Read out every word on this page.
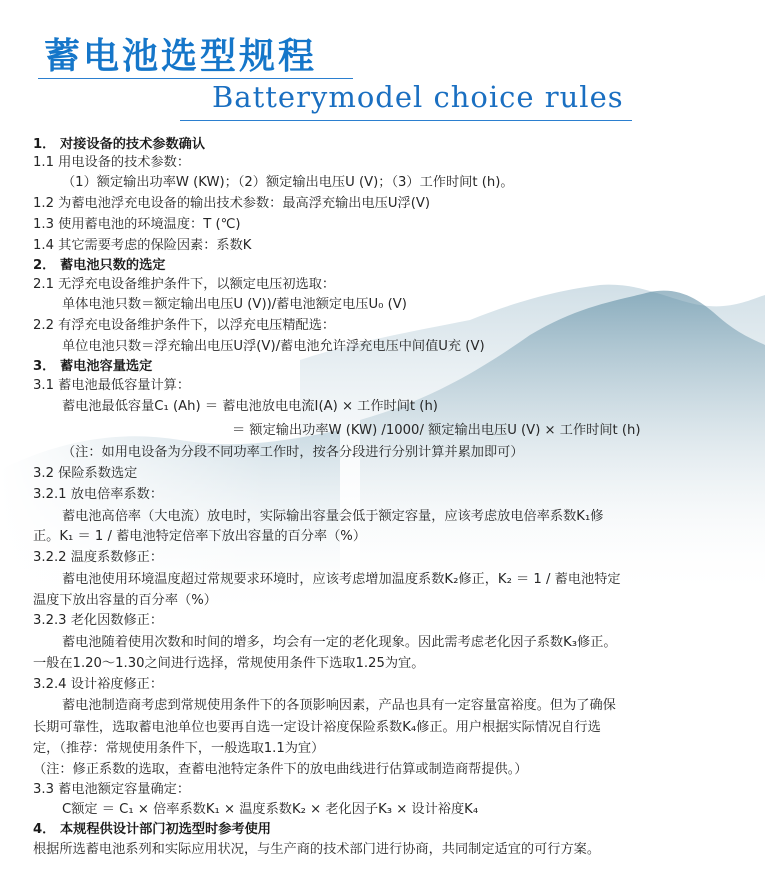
蓄电池选型规程
Batterymodel choice rules
1． 对接设备的技术参数确认
1.1 用电设备的技术参数：
（1）额定输出功率W (KW)；（2）额定输出电压U (V)；（3）工作时间t (h)。
1.2 为蓄电池浮充电设备的输出技术参数：最高浮充输出电压U浮(V)
1.3 使用蓄电池的环境温度：T (℃)
1.4 其它需要考虑的保险因素：系数K
2． 蓄电池只数的选定
2.1 无浮充电设备维护条件下，以额定电压初选取：
单体电池只数＝额定输出电压U (V))/蓄电池额定电压U₀ (V)
2.2 有浮充电设备维护条件下，以浮充电压精配选：
单位电池只数＝浮充输出电压U浮(V)/蓄电池允许浮充电压中间值U充 (V)
3． 蓄电池容量选定
3.1 蓄电池最低容量计算：
蓄电池最低容量C₁ (Ah) ＝ 蓄电池放电电流I(A) × 工作时间t (h)
＝ 额定输出功率W (KW) /1000/ 额定输出电压U (V) × 工作时间t (h)
（注：如用电设备为分段不同功率工作时，按各分段进行分别计算并累加即可）
3.2 保险系数选定
3.2.1 放电倍率系数：
蓄电池高倍率（大电流）放电时，实际输出容量会低于额定容量，应该考虑放电倍率系数K₁修
正。K₁ ＝ 1 / 蓄电池特定倍率下放出容量的百分率（%）
3.2.2 温度系数修正：
蓄电池使用环境温度超过常规要求环境时，应该考虑增加温度系数K₂修正，K₂ ＝ 1 / 蓄电池特定
温度下放出容量的百分率（%）
3.2.3 老化因数修正：
蓄电池随着使用次数和时间的增多，均会有一定的老化现象。因此需考虑老化因子系数K₃修正。
一般在1.20～1.30之间进行选择，常规使用条件下选取1.25为宜。
3.2.4 设计裕度修正：
蓄电池制造商考虑到常规使用条件下的各顶影响因素，产品也具有一定容量富裕度。但为了确保
长期可靠性，选取蓄电池单位也要再自选一定设计裕度保险系数K₄修正。用户根据实际情况自行选
定，（推荐：常规使用条件下，一般选取1.1为宜）
（注：修正系数的选取，查蓄电池特定条件下的放电曲线进行估算或制造商帮提供。）
3.3 蓄电池额定容量确定：
C额定 ＝ C₁ × 倍率系数K₁ × 温度系数K₂ × 老化因子K₃ × 设计裕度K₄
4． 本规程供设计部门初选型时参考使用
根据所选蓄电池系列和实际应用状况，与生产商的技术部门进行协商，共同制定适宜的可行方案。
